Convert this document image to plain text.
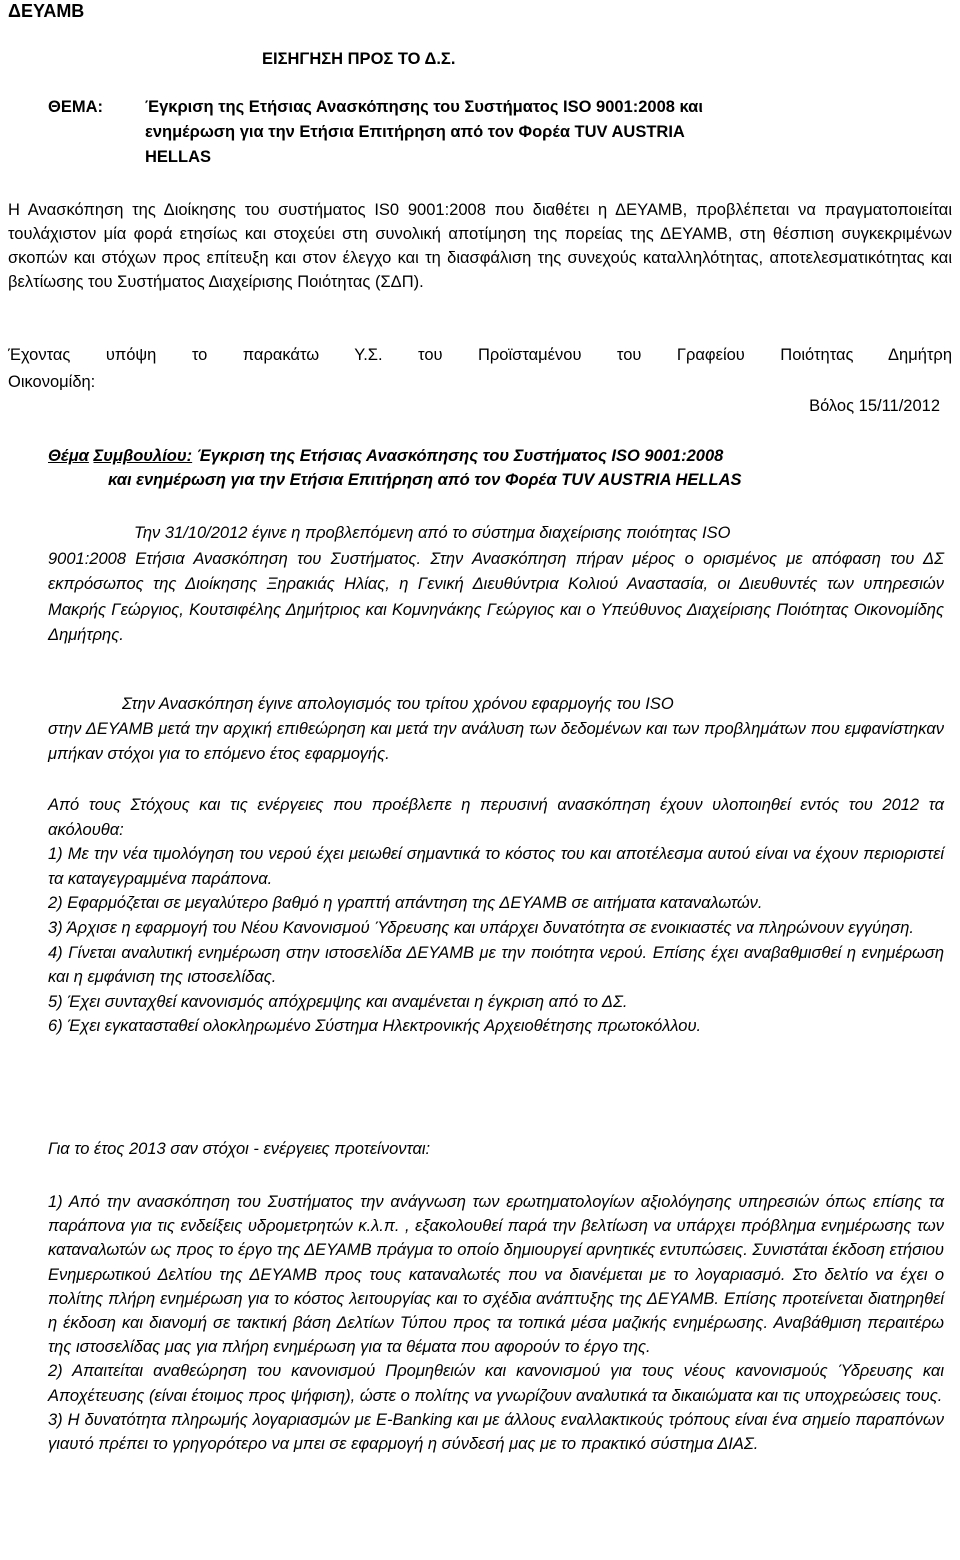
ΔΕΥΑΜΒ
ΕΙΣΗΓΗΣΗ ΠΡΟΣ ΤΟ Δ.Σ.
ΘΕΜΑ:	Έγκριση της Ετήσιας Ανασκόπησης του Συστήματος ISO 9001:2008 και
ενημέρωση για την Ετήσια Επιτήρηση από τον Φορέα TUV AUSTRIA
HELLAS

Η Ανασκόπηση της Διοίκησης του συστήματος IS0 9001:2008 που διαθέτει η ΔΕΥΑΜΒ, προβλέπεται να πραγματοποιείται τουλάχιστον μία φορά ετησίως και στοχεύει στη συνολική αποτίμηση της πορείας της ΔΕΥΑΜΒ, στη θέσπιση συγκεκριμένων σκοπών και στόχων προς επίτευξη και στον έλεγχο και τη διασφάλιση της συνεχούς καταλληλότητας, αποτελεσματικότητας και βελτίωσης του Συστήματος Διαχείρισης Ποιότητας (ΣΔΠ).

Έχοντας υπόψη το παρακάτω Υ.Σ. του Προϊσταμένου του Γραφείου Ποιότητας Δημήτρη

Οικονομίδη:

Βόλος 15/11/2012
Θέμα Συμβουλίου: Έγκριση της Ετήσιας Ανασκόπησης του Συστήματος ISO 9001:2008
και ενημέρωση για την Ετήσια Επιτήρηση από τον Φορέα TUV AUSTRIA HELLAS

Την 31/10/2012 έγινε η προβλεπόμενη από το σύστημα διαχείρισης ποιότητας ISO

9001:2008 Ετήσια Ανασκόπηση του Συστήματος. Στην Ανασκόπηση πήραν μέρος ο ορισμένος με απόφαση του ΔΣ εκπρόσωπος της Διοίκησης Ξηρακιάς Ηλίας, η Γενική Διευθύντρια Κολιού Αναστασία, οι Διευθυντές των υπηρεσιών Μακρής Γεώργιος, Κουτσιφέλης Δημήτριος και Κομνηνάκης Γεώργιος και ο Υπεύθυνος Διαχείρισης Ποιότητας Οικονομίδης Δημήτρης.

Στην Ανασκόπηση έγινε απολογισμός του τρίτου χρόνου εφαρμογής του ISO

στην ΔΕΥΑΜΒ μετά την αρχική επιθεώρηση και μετά την ανάλυση των δεδομένων και των προβλημάτων που εμφανίστηκαν μπήκαν στόχοι για το επόμενο έτος εφαρμογής.

Από τους Στόχους και τις ενέργειες που προέβλεπε η περυσινή ανασκόπηση έχουν υλοποιηθεί εντός του 2012 τα ακόλουθα:

1) Με την νέα τιμολόγηση του νερού έχει μειωθεί σημαντικά το κόστος του και αποτέλεσμα αυτού είναι να έχουν περιοριστεί τα καταγεγραμμένα παράπονα.

2) Εφαρμόζεται σε μεγαλύτερο βαθμό η γραπτή απάντηση της ΔΕΥΑΜΒ σε αιτήματα καταναλωτών.

3) Άρχισε η εφαρμογή του Νέου Κανονισμού Ύδρευσης και υπάρχει δυνατότητα σε ενοικιαστές να πληρώνουν εγγύηση.

4) Γίνεται αναλυτική ενημέρωση στην ιστοσελίδα ΔΕΥΑΜΒ με την ποιότητα νερού. Επίσης έχει αναβαθμισθεί η ενημέρωση και η εμφάνιση της ιστοσελίδας.

5) Έχει συνταχθεί κανονισμός απόχρεμψης και αναμένεται η έγκριση από το ΔΣ.

6) Έχει εγκατασταθεί ολοκληρωμένο Σύστημα Ηλεκτρονικής Αρχειοθέτησης πρωτοκόλλου.

Για το έτος 2013 σαν στόχοι - ενέργειες προτείνονται:

1) Από την ανασκόπηση του Συστήματος την ανάγνωση των ερωτηματολογίων αξιολόγησης υπηρεσιών όπως επίσης τα παράπονα για τις ενδείξεις υδρομετρητών κ.λ.π. , εξακολουθεί παρά την βελτίωση να υπάρχει πρόβλημα ενημέρωσης των καταναλωτών ως προς το έργο της ΔΕΥΑΜΒ πράγμα το οποίο δημιουργεί αρνητικές εντυπώσεις. Συνιστάται έκδοση ετήσιου Ενημερωτικού Δελτίου της ΔΕΥΑΜΒ προς τους καταναλωτές που να διανέμεται με το λογαριασμό. Στο δελτίο να έχει ο πολίτης πλήρη ενημέρωση για το κόστος λειτουργίας και το σχέδια ανάπτυξης της ΔΕΥΑΜΒ. Επίσης προτείνεται διατηρηθεί η έκδοση και διανομή σε τακτική βάση Δελτίων Τύπου προς τα τοπικά μέσα μαζικής ενημέρωσης. Αναβάθμιση περαιτέρω της ιστοσελίδας μας για πλήρη ενημέρωση για τα θέματα που αφορούν το έργο της.

2) Απαιτείται αναθεώρηση του κανονισμού Προμηθειών και κανονισμού για τους νέους κανονισμούς Ύδρευσης και Αποχέτευσης (είναι έτοιμος προς ψήφιση), ώστε ο πολίτης να γνωρίζουν αναλυτικά τα δικαιώματα και τις υποχρεώσεις τους.

3) Η δυνατότητα πληρωμής λογαριασμών με E-Banking και με άλλους εναλλακτικούς τρόπους είναι ένα σημείο παραπόνων γιαυτό πρέπει το γρηγορότερο να μπει σε εφαρμογή η σύνδεσή μας με το πρακτικό σύστημα ΔΙΑΣ.
